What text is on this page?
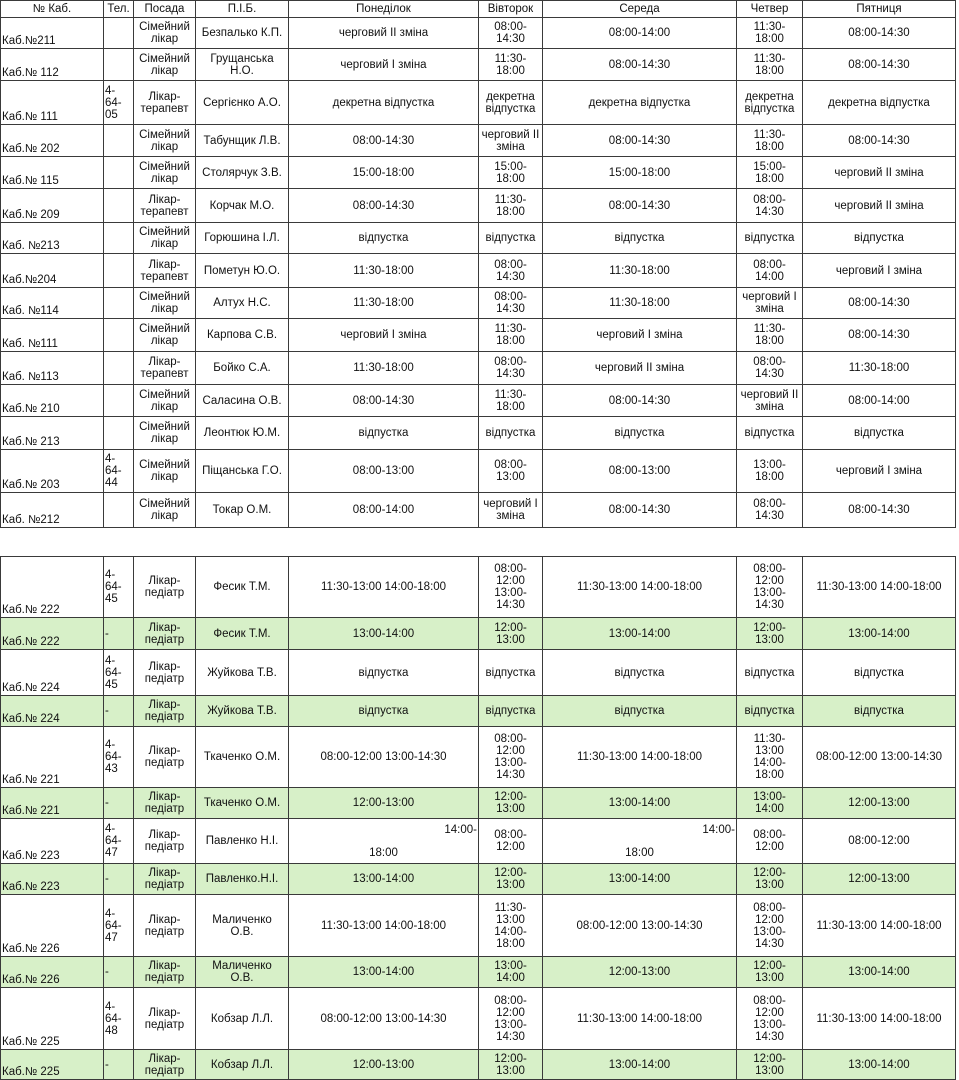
№ Каб.	Тел.	Посада	П.І.Б.	Понеділок	Вівторок	Середа	Четвер	Пятниця
Каб.№211		Сімейний
лікар	Безпалько К.П.	черговий ІІ зміна	08:00-
14:30	08:00-14:00	11:30-
18:00	08:00-14:30
Каб.№ 112		Сімейний
лікар	Грущанська
Н.О.	черговий І зміна	11:30-
18:00	08:00-14:30	11:30-
18:00	08:00-14:30
Каб.№ 111	4-
64-
05	Лікар-
терапевт	Сергієнко А.О.	декретна відпустка	декретна
відпустка	декретна відпустка	декретна
відпустка	декретна відпустка
Каб.№ 202		Сімейний
лікар	Табунщик Л.В.	08:00-14:30	черговий ІІ
зміна	08:00-14:30	11:30-
18:00	08:00-14:30
Каб.№ 115		Сімейний
лікар	Столярчук З.В.	15:00-18:00	15:00-
18:00	15:00-18:00	15:00-
18:00	черговий ІІ зміна
Каб.№ 209		Лікар-
терапевт	Корчак М.О.	08:00-14:30	11:30-
18:00	08:00-14:30	08:00-
14:30	черговий ІІ зміна
Каб. №213		Сімейний
лікар	Горюшина І.Л.	відпустка	відпустка	відпустка	відпустка	відпустка
Каб.№204		Лікар-
терапевт	Пометун Ю.О.	11:30-18:00	08:00-
14:30	11:30-18:00	08:00-
14:00	черговий І зміна
Каб. №114		Сімейний
лікар	Алтух Н.С.	11:30-18:00	08:00-
14:30	11:30-18:00	черговий І
зміна	08:00-14:30
Каб. №111		Сімейний
лікар	Карпова С.В.	черговий І зміна	11:30-
18:00	черговий І зміна	11:30-
18:00	08:00-14:30
Каб. №113		Лікар-
терапевт	Бойко С.А.	11:30-18:00	08:00-
14:30	черговий ІІ зміна	08:00-
14:30	11:30-18:00
Каб.№ 210		Сімейний
лікар	Саласина О.В.	08:00-14:30	11:30-
18:00	08:00-14:30	черговий ІІ
зміна	08:00-14:00
Каб.№ 213		Сімейний
лікар	Леонтюк Ю.М.	відпустка	відпустка	відпустка	відпустка	відпустка
Каб.№ 203	4-
64-
44	Сімейний
лікар	Піщанська Г.О.	08:00-13:00	08:00-
13:00	08:00-13:00	13:00-
18:00	черговий І зміна
Каб. №212		Сімейний
лікар	Токар О.М.	08:00-14:00	черговий І
зміна	08:00-14:30	08:00-
14:30	08:00-14:30

Каб.№ 222	4-
64-
45	Лікар-
педіатр	Фесик Т.М.	11:30-13:00 14:00-18:00	08:00-
12:00
13:00-
14:30	11:30-13:00 14:00-18:00	08:00-
12:00
13:00-
14:30	11:30-13:00 14:00-18:00
Каб.№ 222	-	Лікар-
педіатр	Фесик Т.М.	13:00-14:00	12:00-
13:00	13:00-14:00	12:00-
13:00	13:00-14:00
Каб.№ 224	4-
64-
45	Лікар-
педіатр	Жуйкова Т.В.	відпустка	відпустка	відпустка	відпустка	відпустка
Каб.№ 224	-	Лікар-
педіатр	Жуйкова Т.В.	відпустка	відпустка	відпустка	відпустка	відпустка
Каб.№ 221	4-
64-
43	Лікар-
педіатр	Ткаченко О.М.	08:00-12:00 13:00-14:30	08:00-
12:00
13:00-
14:30	11:30-13:00 14:00-18:00	11:30-
13:00
14:00-
18:00	08:00-12:00 13:00-14:30
Каб.№ 221	-	Лікар-
педіатр	Ткаченко О.М.	12:00-13:00	12:00-
13:00	13:00-14:00	13:00-
14:00	12:00-13:00
Каб.№ 223	4-
64-
47	Лікар-
педіатр	Павленко Н.І.	14:00-
18:00	08:00-
12:00	14:00-
18:00	08:00-
12:00	08:00-12:00
Каб.№ 223	-	Лікар-
педіатр	Павленко.Н.І.	13:00-14:00	12:00-
13:00	13:00-14:00	12:00-
13:00	12:00-13:00
Каб.№ 226	4-
64-
47	Лікар-
педіатр	Маличенко
О.В.	11:30-13:00 14:00-18:00	11:30-
13:00
14:00-
18:00	08:00-12:00 13:00-14:30	08:00-
12:00
13:00-
14:30	11:30-13:00 14:00-18:00
Каб.№ 226	-	Лікар-
педіатр	Маличенко
О.В.	13:00-14:00	13:00-
14:00	12:00-13:00	12:00-
13:00	13:00-14:00
Каб.№ 225	4-
64-
48	Лікар-
педіатр	Кобзар Л.Л.	08:00-12:00 13:00-14:30	08:00-
12:00
13:00-
14:30	11:30-13:00 14:00-18:00	08:00-
12:00
13:00-
14:30	11:30-13:00 14:00-18:00
Каб.№ 225	-	Лікар-
педіатр	Кобзар Л.Л.	12:00-13:00	12:00-
13:00	13:00-14:00	12:00-
13:00	13:00-14:00
